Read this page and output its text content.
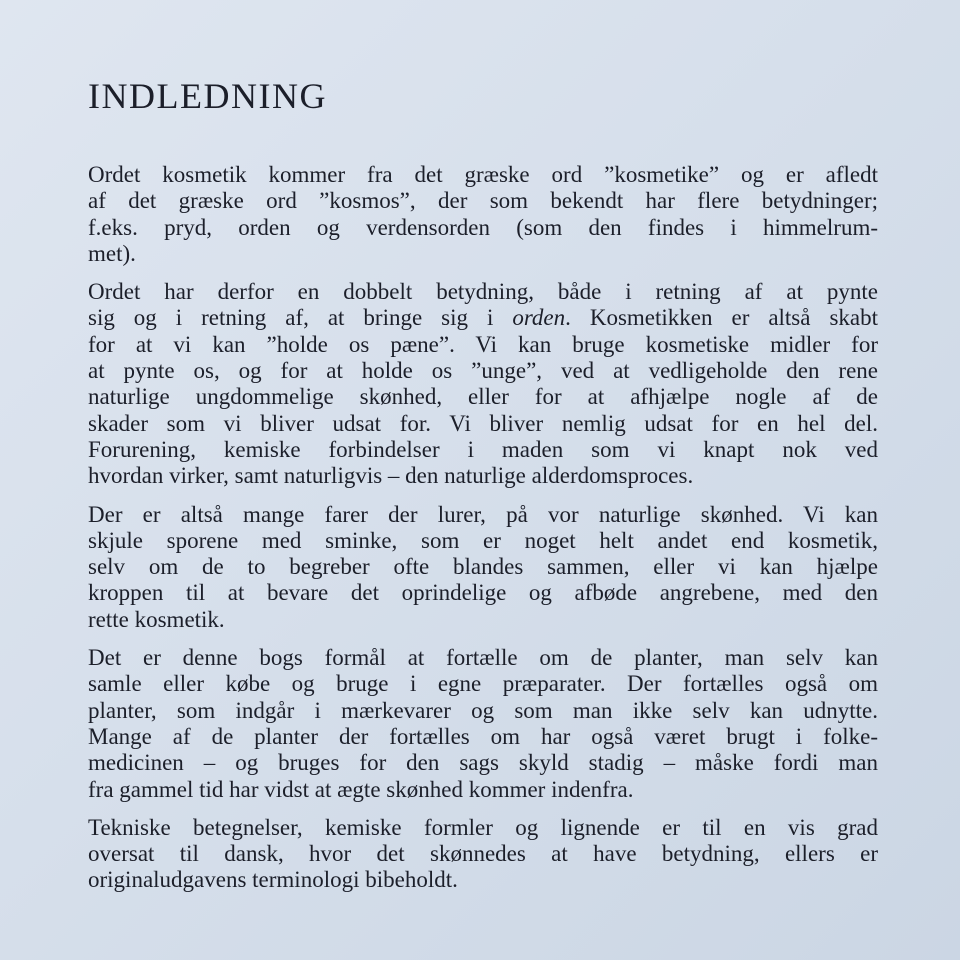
INDLEDNING

Ordet kosmetik kommer fra det græske ord ”kosmetike” og er afledt
af det græske ord ”kosmos”, der som bekendt har flere betydninger;
f.eks. pryd, orden og verdensorden (som den findes i himmelrum-
met).

Ordet har derfor en dobbelt betydning, både i retning af at pynte
sig og i retning af, at bringe sig i orden. Kosmetikken er altså skabt
for at vi kan ”holde os pæne”. Vi kan bruge kosmetiske midler for
at pynte os, og for at holde os ”unge”, ved at vedligeholde den rene
naturlige ungdommelige skønhed, eller for at afhjælpe nogle af de
skader som vi bliver udsat for. Vi bliver nemlig udsat for en hel del.
Forurening, kemiske forbindelser i maden som vi knapt nok ved
hvordan virker, samt naturligvis – den naturlige alderdomsproces.

Der er altså mange farer der lurer, på vor naturlige skønhed. Vi kan
skjule sporene med sminke, som er noget helt andet end kosmetik,
selv om de to begreber ofte blandes sammen, eller vi kan hjælpe
kroppen til at bevare det oprindelige og afbøde angrebene, med den
rette kosmetik.

Det er denne bogs formål at fortælle om de planter, man selv kan
samle eller købe og bruge i egne præparater. Der fortælles også om
planter, som indgår i mærkevarer og som man ikke selv kan udnytte.
Mange af de planter der fortælles om har også været brugt i folke-
medicinen – og bruges for den sags skyld stadig – måske fordi man
fra gammel tid har vidst at ægte skønhed kommer indenfra.

Tekniske betegnelser, kemiske formler og lignende er til en vis grad
oversat til dansk, hvor det skønnedes at have betydning, ellers er
originaludgavens terminologi bibeholdt.
